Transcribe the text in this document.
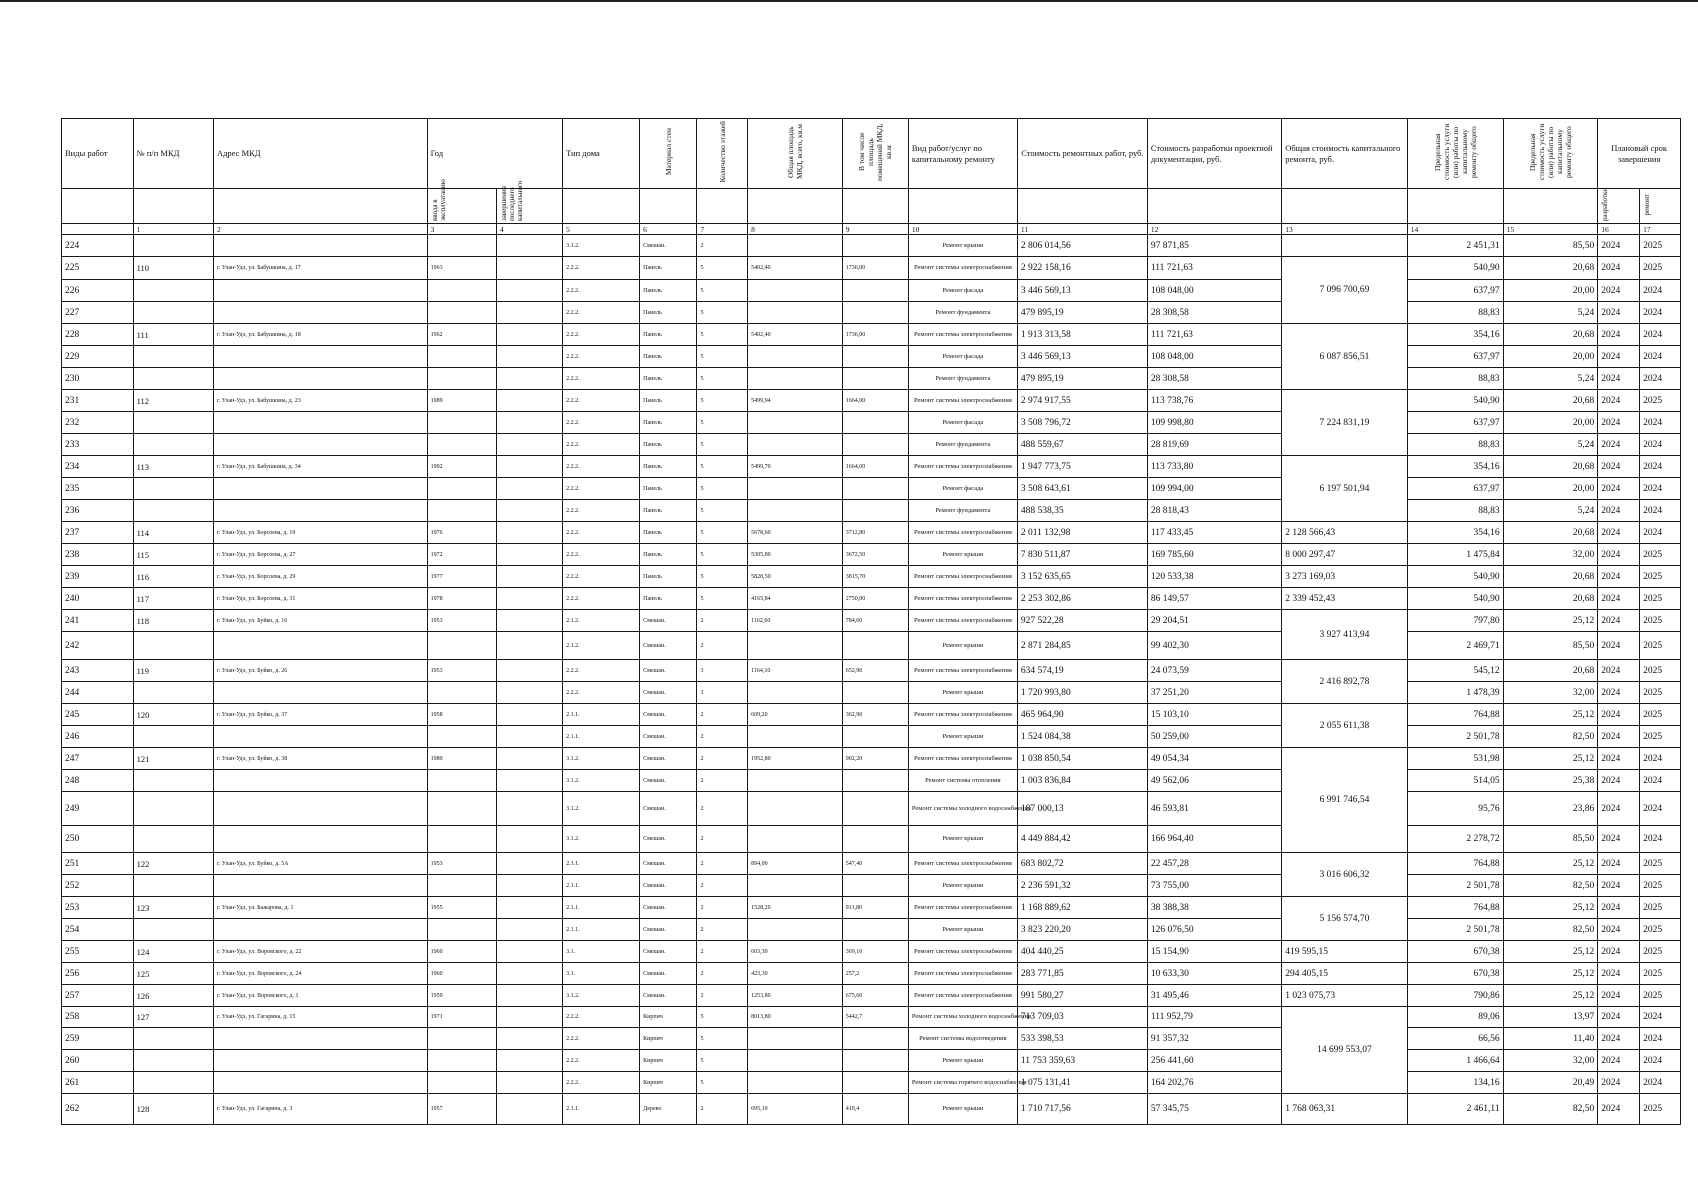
Виды работ	№ п/п МКД	Адрес МКД	Год		Тип дома	Материал стен	Количество этажей	Общая площадь МКД, всего, кв.м	В том числе площадь помещений МКД, кв.м	Вид работ/услуг по капитальному ремонту	Стоимость ремонтных работ, руб.	Стоимость разработки проектной документации, руб.	Общая стоимость капитального ремонта, руб.	Предельная стоимость услуги (или) работы по капитальному ремонту общего	Предельная стоимость услуги (или) работы по капитальному ремонту общего	Плановый срок завершения	
			ввода в эксплуатацию	завершения последнего капитального												разработки	ремонт
	1	2	3	4	5	6	7	8	9	10	11	12	13	14	15	16	17
224					3.1.2.	Смешан.	2			Ремонт крыши	2 806 014,56	97 871,85		2 451,31	85,50	2024	2025
225	110	г. Улан-Удэ, ул. Бабушкина, д. 17	1963		2.2.2.	Панель	5	5402,40	1736,00	Ремонт системы электроснабжения	2 922 158,16	111 721,63	7 096 700,69	540,90	20,68	2024	2025
226					2.2.2.	Панель	5			Ремонт фасада	3 446 569,13	108 048,00		637,97	20,00	2024	2024
227					2.2.2.	Панель	5			Ремонт фундамента	479 895,19	28 308,58		88,83	5,24	2024	2024
228	111	г. Улан-Удэ, ул. Бабушкина, д. 18	1962		2.2.2.	Панель	5	5402,40	1736,00	Ремонт системы электроснабжения	1 913 313,58	111 721,63	6 087 856,51	354,16	20,68	2024	2024
229					2.2.2.	Панель	5			Ремонт фасада	3 446 569,13	108 048,00		637,97	20,00	2024	2024
230					2.2.2.	Панель	5			Ремонт фундамента	479 895,19	28 308,58		88,83	5,24	2024	2024
231	112	г. Улан-Удэ, ул. Бабушкина, д. 23	1989		2.2.2.	Панель	5	5499,94	1664,00	Ремонт системы электроснабжения	2 974 917,55	113 738,76	7 224 831,19	540,90	20,68	2024	2025
232					2.2.2.	Панель	5			Ремонт фасада	3 508 796,72	109 998,80		637,97	20,00	2024	2024
233					2.2.2.	Панель	5			Ремонт фундамента	488 559,67	28 819,69		88,83	5,24	2024	2024
234	113	г. Улан-Удэ, ул. Бабушкина, д. 34	1992		2.2.2.	Панель	5	5499,70	1664,00	Ремонт системы электроснабжения	1 947 773,75	113 733,80	6 197 501,94	354,16	20,68	2024	2024
235					2.2.2.	Панель	5			Ремонт фасада	3 508 643,61	109 994,00		637,97	20,00	2024	2024
236					2.2.2.	Панель	5			Ремонт фундамента	488 538,35	28 818,43		88,83	5,24	2024	2024
237	114	г. Улан-Удэ, ул. Борсоева, д. 19	1976		2.2.2.	Панель	5	5678,60	3712,80	Ремонт системы электроснабжения	2 011 132,98	117 433,45	2 128 566,43	354,16	20,68	2024	2024
238	115	г. Улан-Удэ, ул. Борсоева, д. 27	1972		2.2.2.	Панель	5	5305,80	3672,50	Ремонт крыши	7 830 511,87	169 785,60	8 000 297,47	1 475,84	32,00	2024	2025
239	116	г. Улан-Удэ, ул. Борсоева, д. 29	1977		2.2.2.	Панель	5	5828,50	3815,70	Ремонт системы электроснабжения	3 152 635,65	120 533,38	3 273 169,03	540,90	20,68	2024	2025
240	117	г. Улан-Удэ, ул. Борсоева, д. 31	1978		2.2.2.	Панель	5	4165,84	2750,00	Ремонт системы электроснабжения	2 253 302,86	86 149,57	2 339 452,43	540,90	20,68	2024	2025
241	118	г. Улан-Удэ, ул. Буйко, д. 16	1953		2.1.2.	Смешан.	2	1162,60	784,60	Ремонт системы электроснабжения	927 522,28	29 204,51	3 927 413,94	797,80	25,12	2024	2025
242					2.1.2.	Смешан.	2			Ремонт крыши	2 871 284,85	99 402,30		2 469,71	85,50	2024	2025
243	119	г. Улан-Удэ, ул. Буйко, д. 26	1953		2.2.2.	Смешан.	3	1164,10	652,90	Ремонт системы электроснабжения	634 574,19	24 073,59	2 416 892,78	545,12	20,68	2024	2025
244					2.2.2.	Смешан.	3			Ремонт крыши	1 720 993,80	37 251,20		1 478,39	32,00	2024	2025
245	120	г. Улан-Удэ, ул. Буйко, д. 37	1958		2.1.1.	Смешан.	2	609,20	362,90	Ремонт системы электроснабжения	465 964,90	15 103,10	2 055 611,38	764,88	25,12	2024	2025
246					2.1.1.	Смешан.	2			Ремонт крыши	1 524 084,38	50 259,00		2 501,78	82,50	2024	2025
247	121	г. Улан-Удэ, ул. Буйко, д. 38	1989		3.1.2.	Смешан.	2	1952,80	902,20	Ремонт системы электроснабжения	1 038 850,54	49 054,34	6 991 746,54	531,98	25,12	2024	2024
248					3.1.2.	Смешан.	2			Ремонт системы отопления	1 003 836,84	49 562,06		514,05	25,38	2024	2024
249					3.1.2.	Смешан.	2			Ремонт системы холодного водоснабжения	187 000,13	46 593,81		95,76	23,86	2024	2024
250					3.1.2.	Смешан.	2			Ремонт крыши	4 449 884,42	166 964,40		2 278,72	85,50	2024	2024
251	122	г. Улан-Удэ, ул. Буйко, д. 5А	1953		2.1.1.	Смешан.	2	894,00	547,40	Ремонт системы электроснабжения	683 802,72	22 457,28	3 016 606,32	764,88	25,12	2024	2025
252					2.1.1.	Смешан.	2			Ремонт крыши	2 236 591,32	73 755,00		2 501,78	82,50	2024	2025
253	123	г. Улан-Удэ, ул. Бажарова, д. 1	1955		2.1.1.	Смешан.	2	1528,20	911,80	Ремонт системы электроснабжения	1 168 889,62	38 388,38	5 156 574,70	764,88	25,12	2024	2025
254					2.1.1.	Смешан.	2			Ремонт крыши	3 823 220,20	126 076,50		2 501,78	82,50	2024	2025
255	124	г. Улан-Удэ, ул. Воровского, д. 22	1960		3.1.	Смешан.	2	603,30	369,10	Ремонт системы электроснабжения	404 440,25	15 154,90	419 595,15	670,38	25,12	2024	2025
256	125	г. Улан-Удэ, ул. Воровского, д. 24	1960		3.1.	Смешан.	2	423,30	257,2	Ремонт системы электроснабжения	283 771,85	10 633,30	294 405,15	670,38	25,12	2024	2025
257	126	г. Улан-Удэ, ул. Воровского, д. 1	1959		3.1.2.	Смешан.	2	1253,80	675,60	Ремонт системы электроснабжения	991 580,27	31 495,46	1 023 075,73	790,86	25,12	2024	2025
258	127	г. Улан-Удэ, ул. Гагарина, д. 15	1971		2.2.2.	Кирпич	5	8013,80	5442,7	Ремонт системы холодного водоснабжения	713 709,03	111 952,79	14 699 553,07	89,06	13,97	2024	2024
259					2.2.2.	Кирпич	5			Ремонт системы водоотведения	533 398,53	91 357,32		66,56	11,40	2024	2024
260					2.2.2.	Кирпич	5			Ремонт крыши	11 753 359,63	256 441,60		1 466,64	32,00	2024	2024
261					2.2.2.	Кирпич	5			Ремонт системы горячего водоснабжения	1 075 131,41	164 202,76		134,16	20,49	2024	2024
262	128	г. Улан-Удэ, ул. Гагарина, д. 3	1957		2.1.1.	Дерево	2	695,10	419,4	Ремонт крыши	1 710 717,56	57 345,75	1 768 063,31	2 461,11	82,50	2024	2025
